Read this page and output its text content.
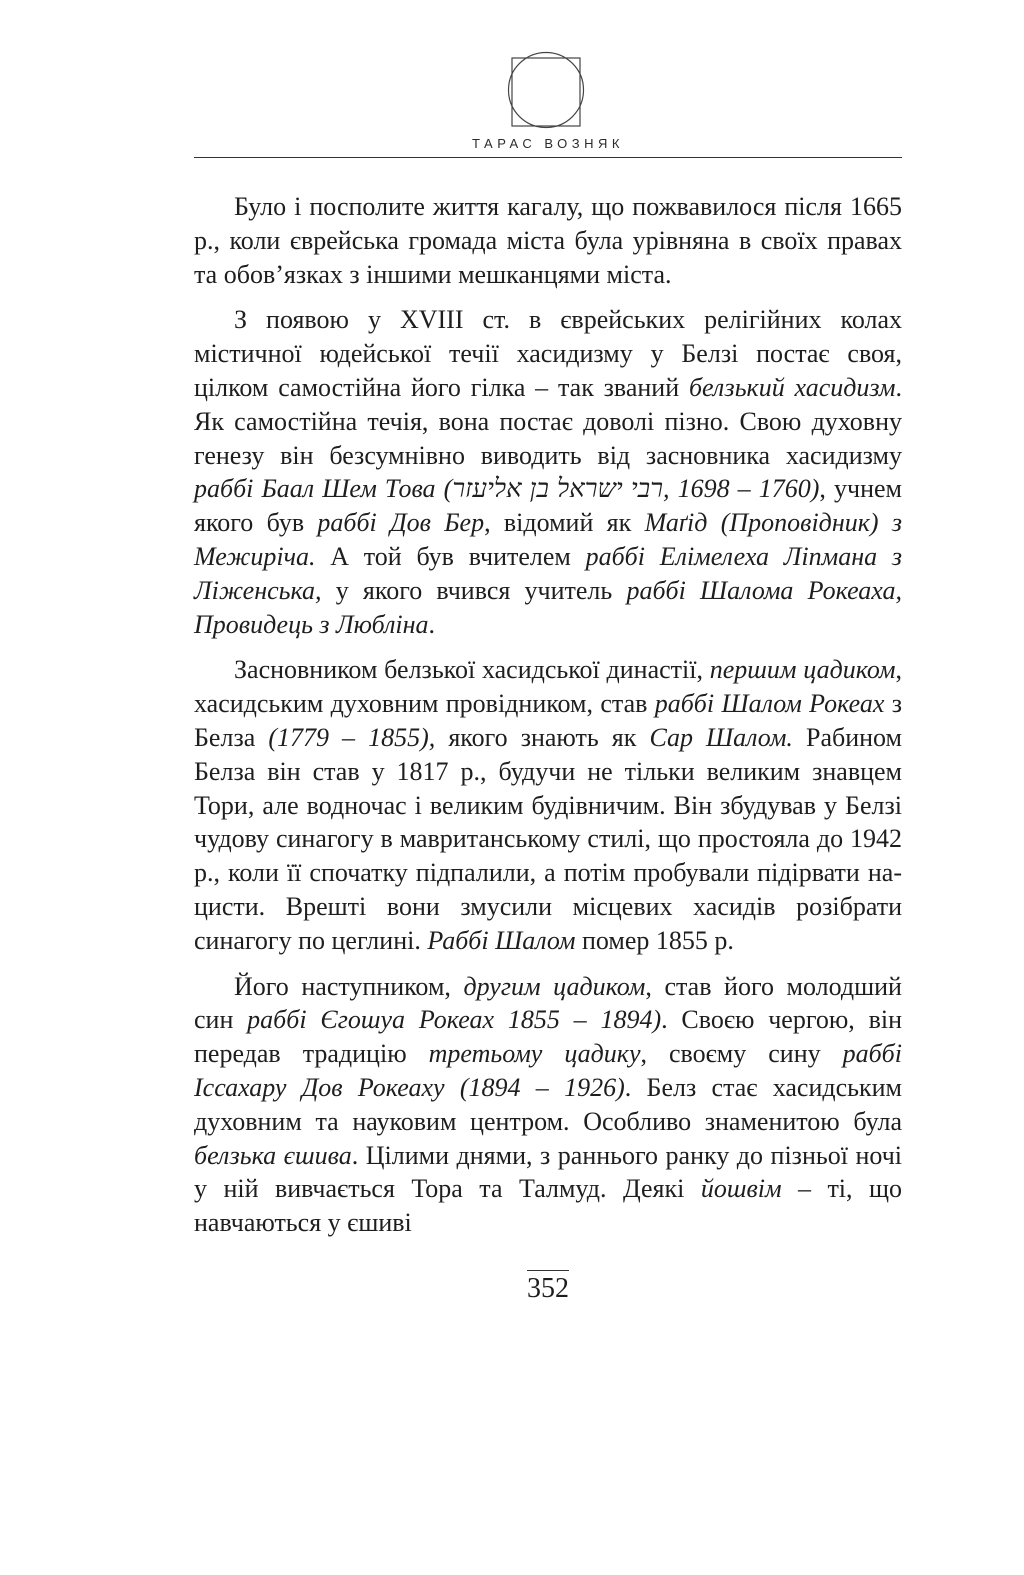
ТАРАС ВОЗНЯК

Було і посполите життя кагалу, що пожвавилося після 1665 р., коли єврейська громада міста була урівняна в своїх правах та обов’язках з іншими мешканцями міста.

З появою у XVIII ст. в єврейських релігійних колах містичної юдейської течії хасидизму у Белзі постає своя, цілком самостійна його гілка – так званий белзький хасидизм. Як самостійна течія, вона постає доволі пізно. Свою духовну генезу він безсумнівно виводить від засновника хасидизму раббі Баал Шем Това (רבי ישראל בן אליעזר, 1698 – 1760), учнем якого був раббі Дов Бер, відомий як Маґід (Проповідник) з Межиріча. А той був вчителем раббі Елімелеха Ліпмана з Ліженська, у якого вчився учитель раббі Шалома Рокеаха, Провидець з Любліна.

Засновником белзької хасидської династії, першим цадиком, хасидським духовним провідником, став раббі Шалом Рокеах з Белза (1779 – 1855), якого знають як Сар Шалом. Рабином Белза він став у 1817 р., будучи не тільки великим знавцем Тори, але водночас і великим будівничим. Він збудував у Белзі чудову синагогу в мавританському стилі, що простояла до 1942 р., коли її спочатку підпалили, а потім пробували підірвати нацисти. Врешті вони змусили місцевих хасидів розібрати синагогу по цеглині. Раббі Шалом помер 1855 р.

Його наступником, другим цадиком, став його молодший син раббі Єгошуа Рокеах 1855 – 1894). Своєю чергою, він передав традицію третьому цадику, своєму сину раббі Іссахару Дов Рокеаху (1894 – 1926). Белз стає хасидським духовним та науковим центром. Особливо знаменитою була белзька єшива. Цілими днями, з раннього ранку до пізньої ночі у ній вивчається Тора та Талмуд. Деякі йошвім – ті, що навчаються у єшиві

352
